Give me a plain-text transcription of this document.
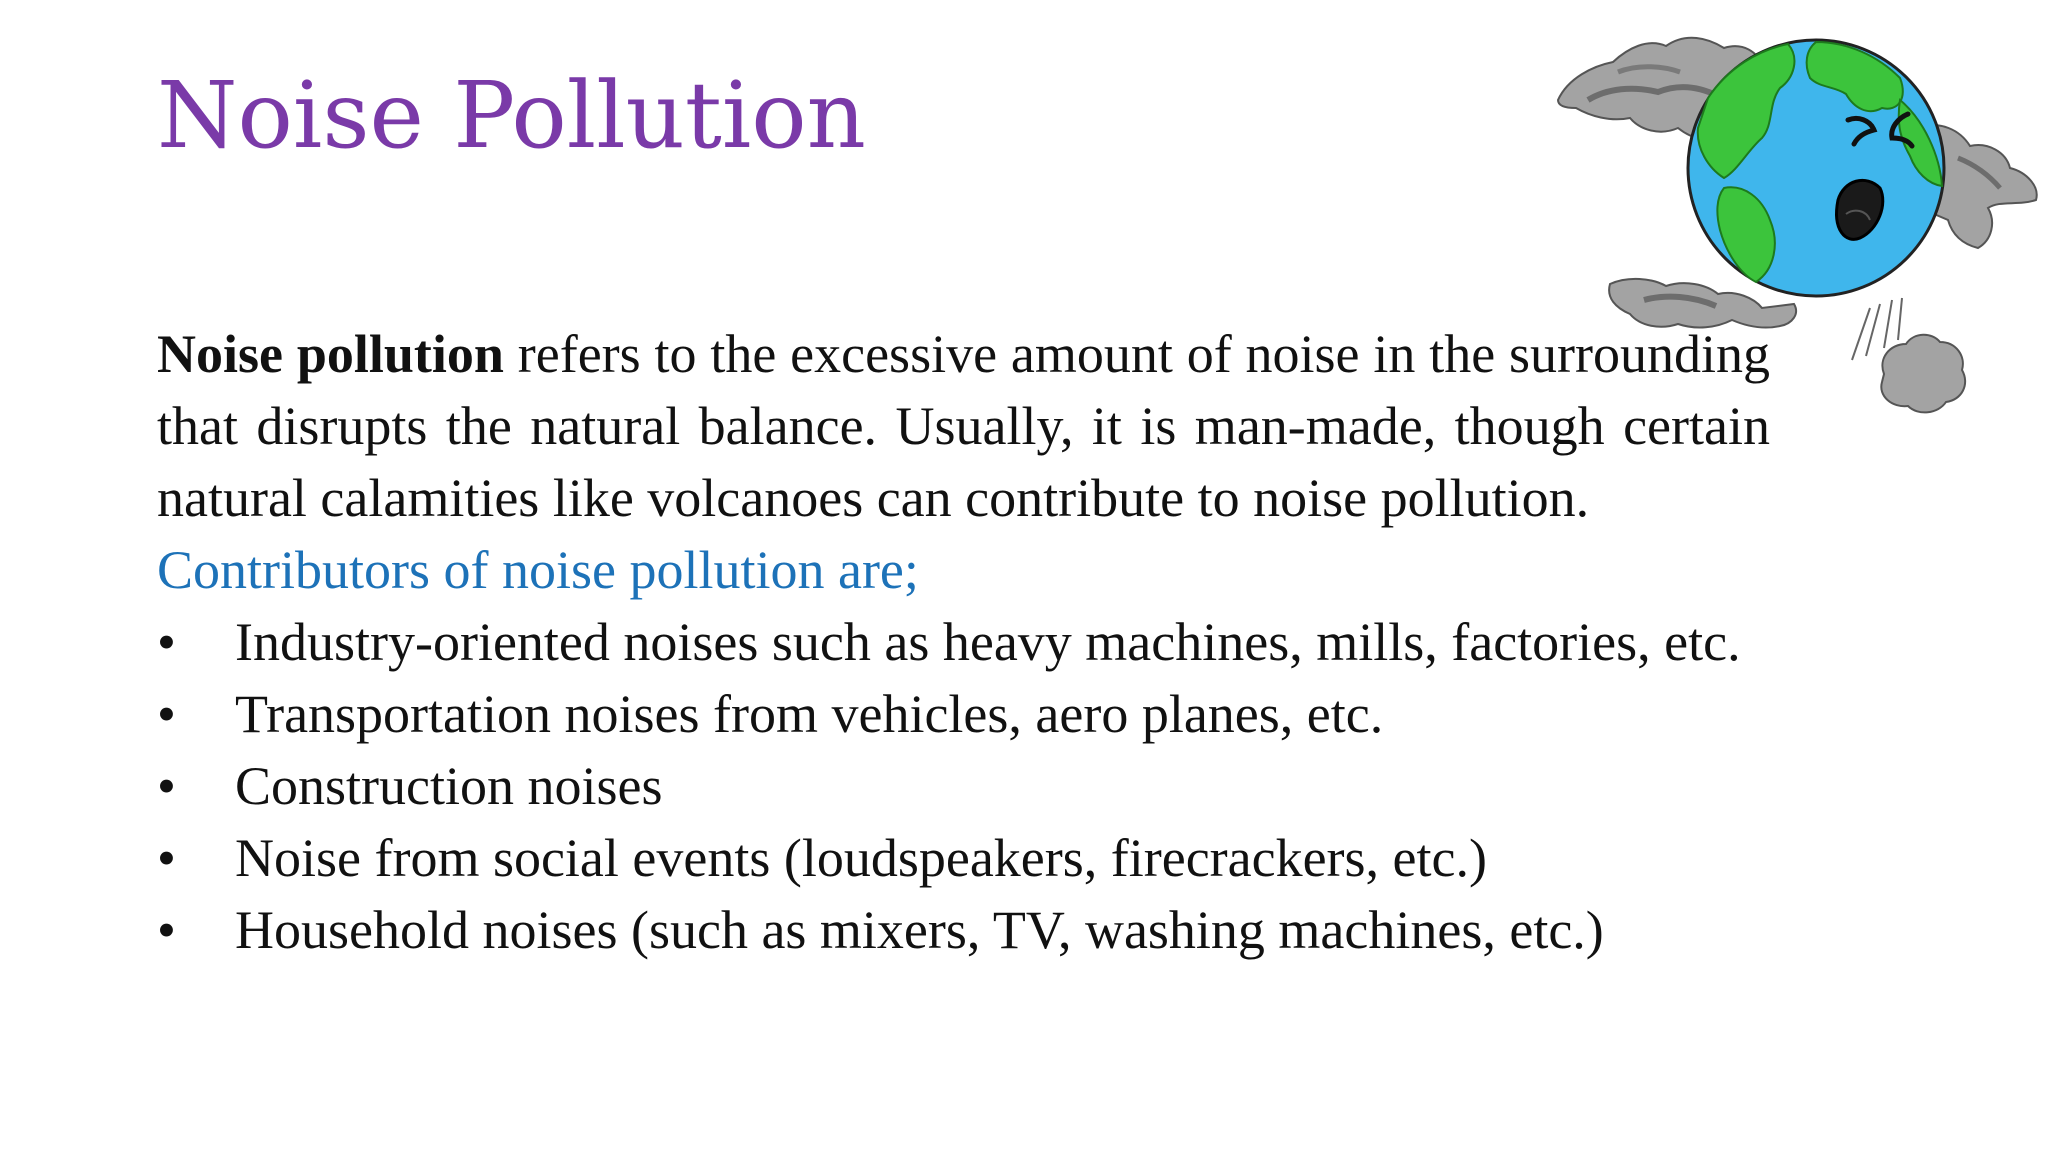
Noise Pollution

Noise pollution refers to the excessive amount of noise in the surrounding that disrupts the natural balance. Usually, it is man-made, though certain natural calamities like volcanoes can contribute to noise pollution.

Contributors of noise pollution are;

•	Industry-oriented noises such as heavy machines, mills, factories, etc.
•	Transportation noises from vehicles, aero planes, etc.
•	Construction noises
•	Noise from social events (loudspeakers, firecrackers, etc.)
•	Household noises (such as mixers, TV, washing machines, etc.)
